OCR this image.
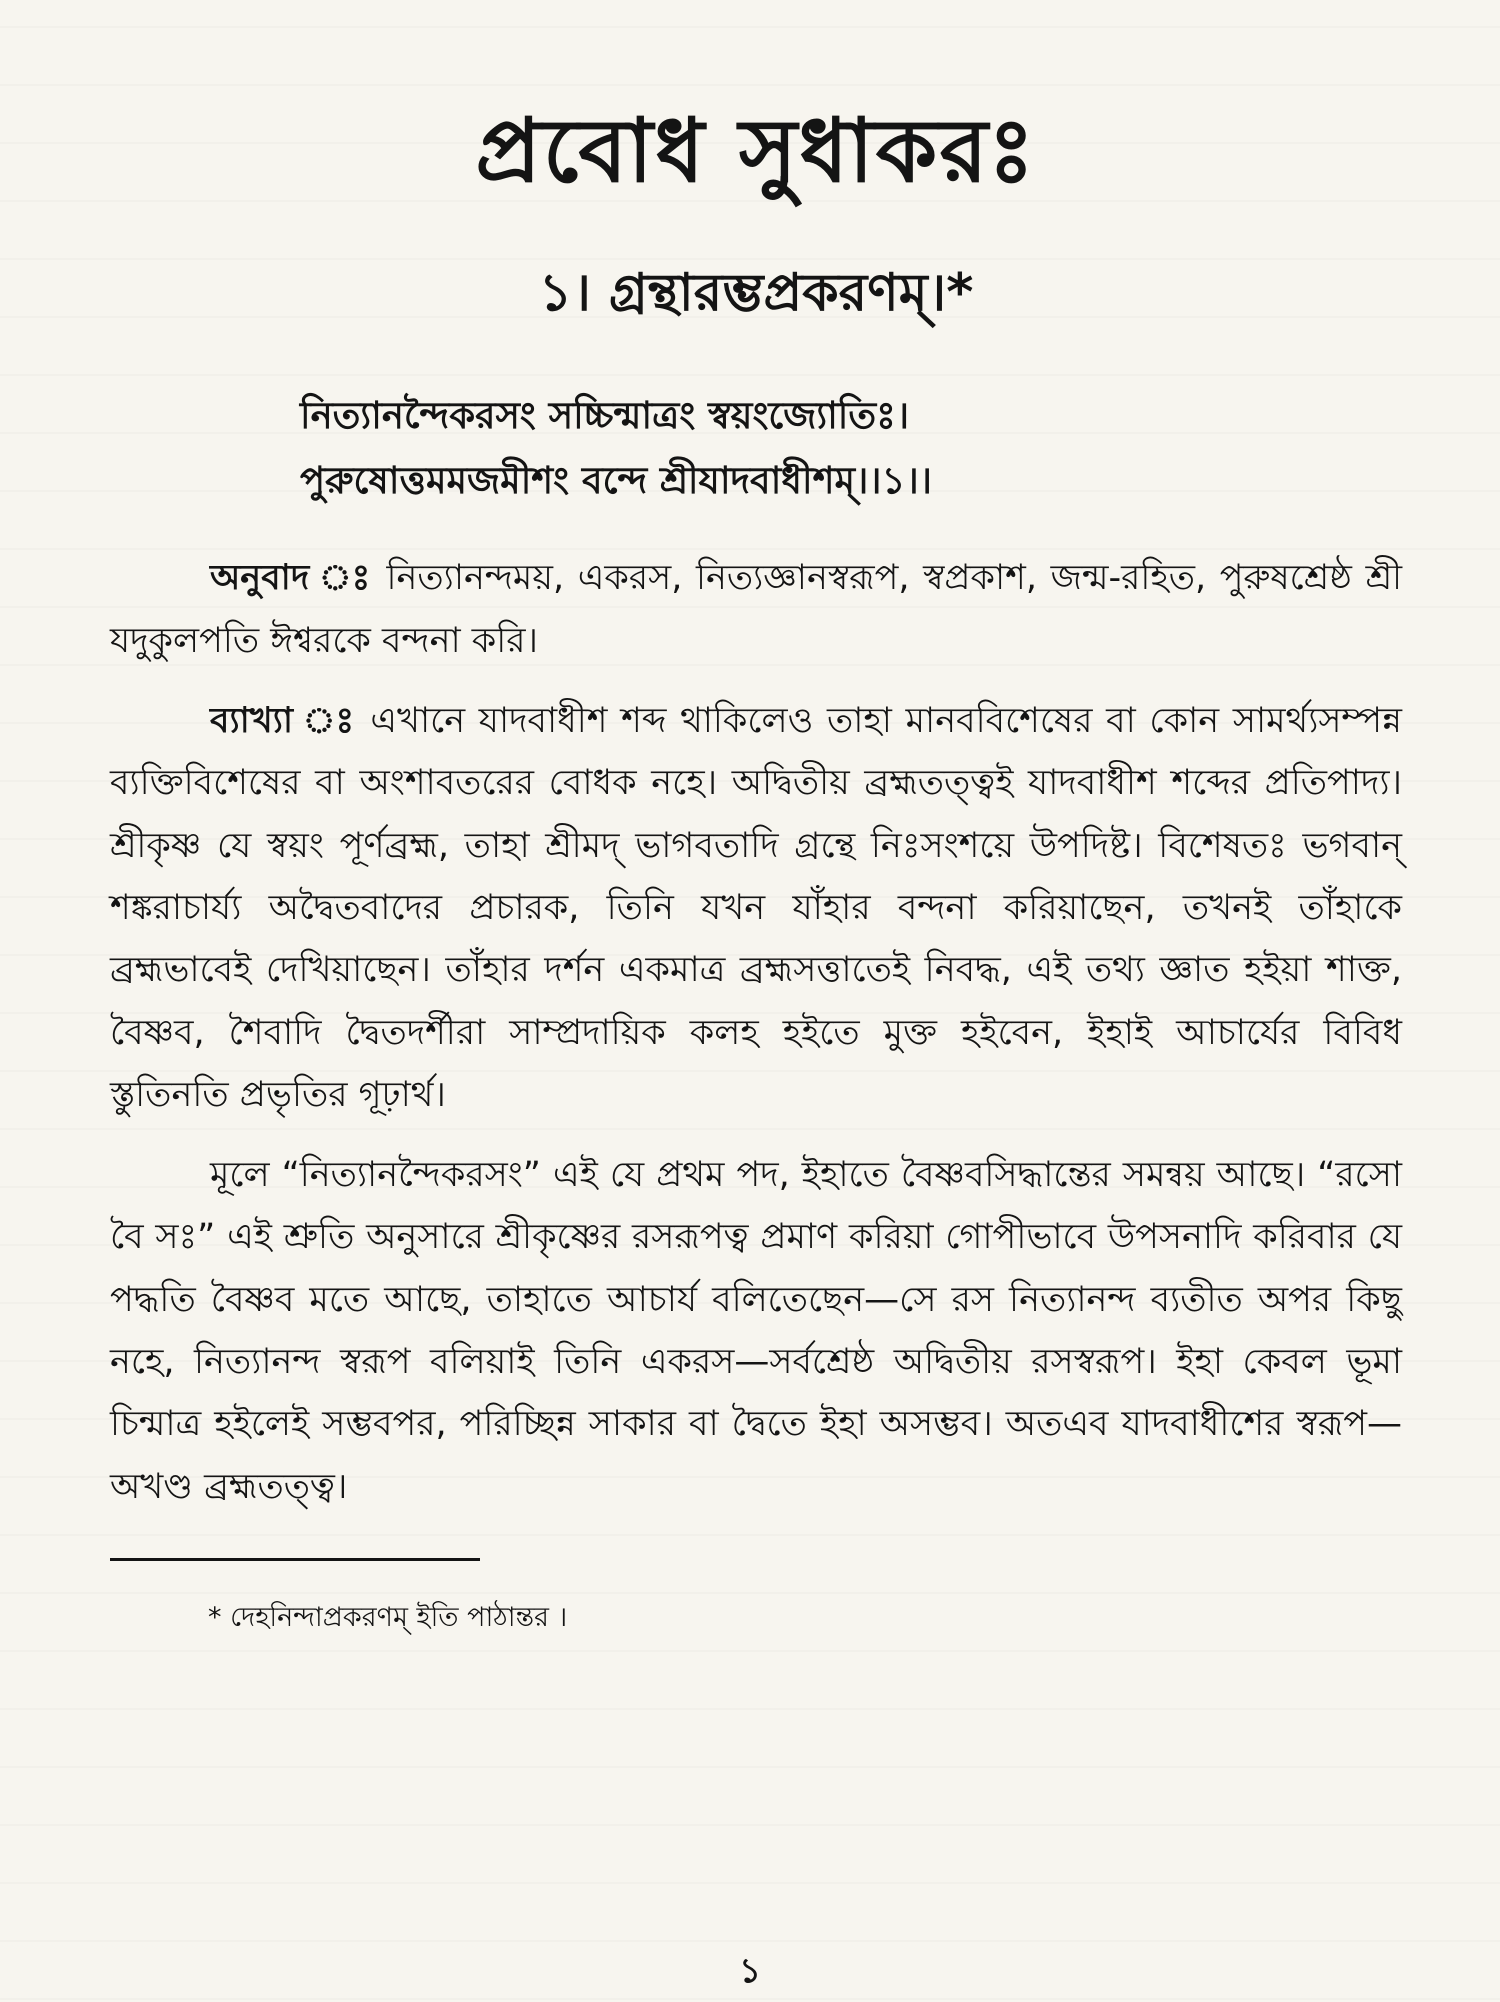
প্রবোধ সুধাকরঃ
১। গ্রন্থারম্ভপ্রকরণম্।*
নিত্যানন্দৈকরসং সচ্চিন্মাত্রং স্বয়ংজ্যোতিঃ।
পুরুষোত্তমমজমীশং বন্দে শ্রীযাদবাধীশম্।।১।।

অনুবাদ ঃ নিত্যানন্দময়, একরস, নিত্যজ্ঞানস্বরূপ, স্বপ্রকাশ, জন্ম-রহিত, পুরুষশ্রেষ্ঠ শ্রী যদুকুলপতি ঈশ্বরকে বন্দনা করি।

ব্যাখ্যা ঃ এখানে যাদবাধীশ শব্দ থাকিলেও তাহা মানববিশেষের বা কোন সামর্থ্যসম্পন্ন ব্যক্তিবিশেষের বা অংশাবতরের বোধক নহে। অদ্বিতীয় ব্রহ্মতত্ত্বই যাদবাধীশ শব্দের প্রতিপাদ্য। শ্রীকৃষ্ণ যে স্বয়ং পূর্ণব্রহ্ম, তাহা শ্রীমদ্ ভাগবতাদি গ্রন্থে নিঃসংশয়ে উপদিষ্ট। বিশেষতঃ ভগবান্ শঙ্করাচার্য্য অদ্বৈতবাদের প্রচারক, তিনি যখন যাঁহার বন্দনা করিয়াছেন, তখনই তাঁহাকে ব্রহ্মভাবেই দেখিয়াছেন। তাঁহার দর্শন একমাত্র ব্রহ্মসত্তাতেই নিবদ্ধ, এই তথ্য জ্ঞাত হইয়া শাক্ত, বৈষ্ণব, শৈবাদি দ্বৈতদর্শীরা সাম্প্রদায়িক কলহ হইতে মুক্ত হইবেন, ইহাই আচার্যের বিবিধ স্তুতিনতি প্রভৃতির গূঢ়ার্থ।

মূলে “নিত্যানন্দৈকরসং” এই যে প্রথম পদ, ইহাতে বৈষ্ণবসিদ্ধান্তের সমন্বয় আছে। “রসো বৈ সঃ” এই শ্রুতি অনুসারে শ্রীকৃষ্ণের রসরূপত্ব প্রমাণ করিয়া গোপীভাবে উপসনাদি করিবার যে পদ্ধতি বৈষ্ণব মতে আছে, তাহাতে আচার্য বলিতেছেন—সে রস নিত্যানন্দ ব্যতীত অপর কিছু নহে, নিত্যানন্দ স্বরূপ বলিয়াই তিনি একরস—সর্বশ্রেষ্ঠ অদ্বিতীয় রসস্বরূপ। ইহা কেবল ভূমা চিন্মাত্র হইলেই সম্ভবপর, পরিচ্ছিন্ন সাকার বা দ্বৈতে ইহা অসম্ভব। অতএব যাদবাধীশের স্বরূপ—অখণ্ড ব্রহ্মতত্ত্ব।

* দেহনিন্দাপ্রকরণম্ ইতি পাঠান্তর ।
১
